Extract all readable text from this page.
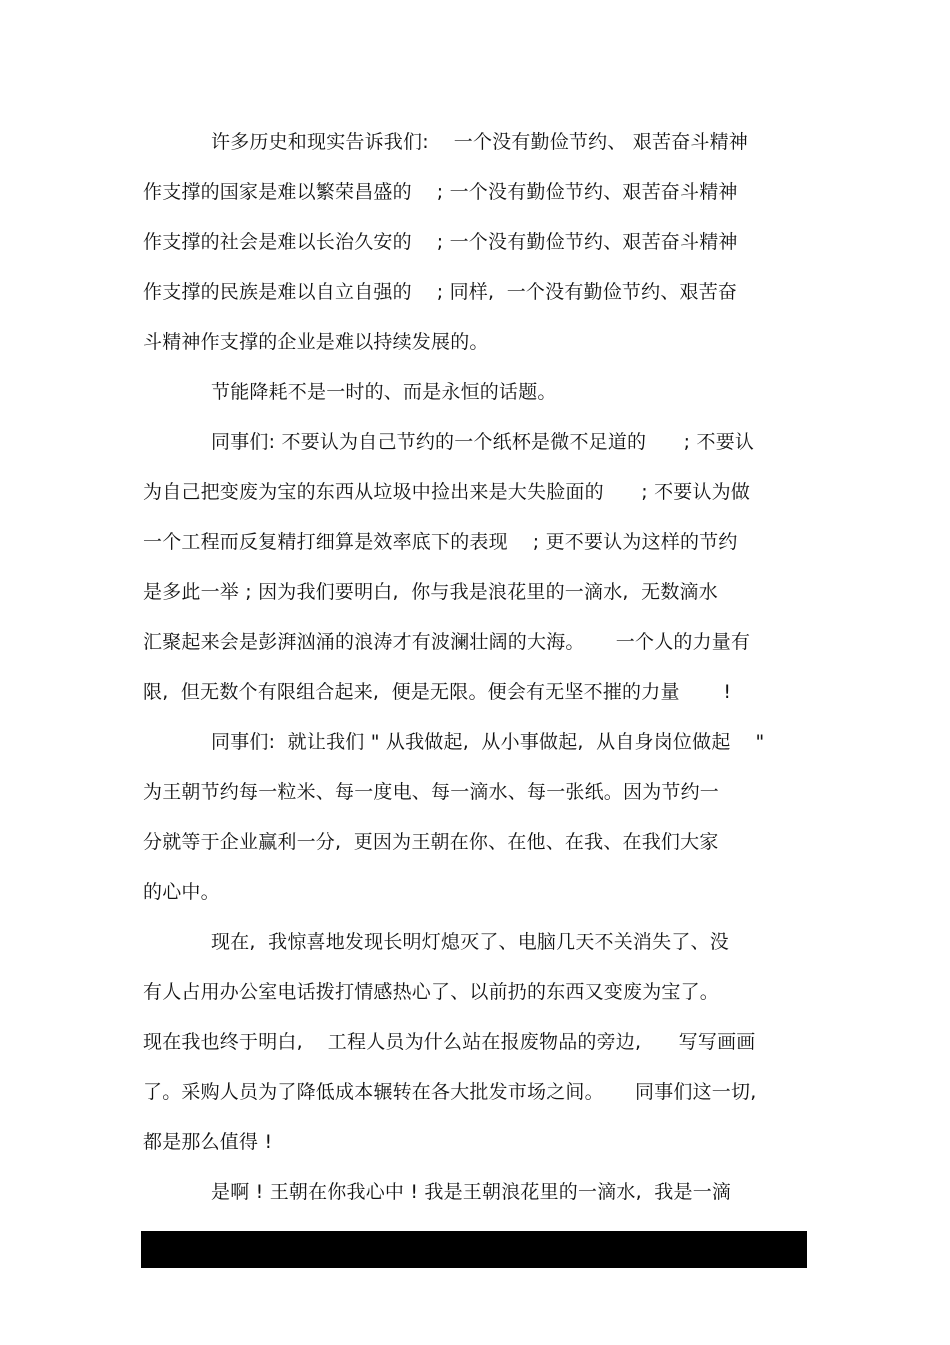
许多历史和现实告诉我们:    一个没有勤俭节约、 艰苦奋斗精神
作支撑的国家是难以繁荣昌盛的    ; 一个没有勤俭节约、艰苦奋斗精神
作支撑的社会是难以长治久安的    ; 一个没有勤俭节约、艰苦奋斗精神
作支撑的民族是难以自立自强的    ; 同样,  一个没有勤俭节约、艰苦奋
斗精神作支撑的企业是难以持续发展的。
节能降耗不是一时的、而是永恒的话题。
同事们: 不要认为自己节约的一个纸杯是微不足道的      ; 不要认
为自己把变废为宝的东西从垃圾中捡出来是大失脸面的      ; 不要认为做
一个工程而反复精打细算是效率底下的表现    ; 更不要认为这样的节约
是多此一举 ; 因为我们要明白,  你与我是浪花里的一滴水,  无数滴水
汇聚起来会是彭湃汹涌的浪涛才有波澜壮阔的大海。     一个人的力量有
限,  但无数个有限组合起来,  便是无限。便会有无坚不摧的力量       !
同事们:  就让我们 " 从我做起,  从小事做起,  从自身岗位做起    "
为王朝节约每一粒米、每一度电、每一滴水、每一张纸。因为节约一
分就等于企业赢利一分,  更因为王朝在你、在他、在我、在我们大家
的心中。
现在,  我惊喜地发现长明灯熄灭了、电脑几天不关消失了、没
有人占用办公室电话拨打情感热心了、以前扔的东西又变废为宝了。
现在我也终于明白,    工程人员为什么站在报废物品的旁边,      写写画画
了。采购人员为了降低成本辗转在各大批发市场之间。     同事们这一切,
都是那么值得 !
是啊 ! 王朝在你我心中 ! 我是王朝浪花里的一滴水,  我是一滴
